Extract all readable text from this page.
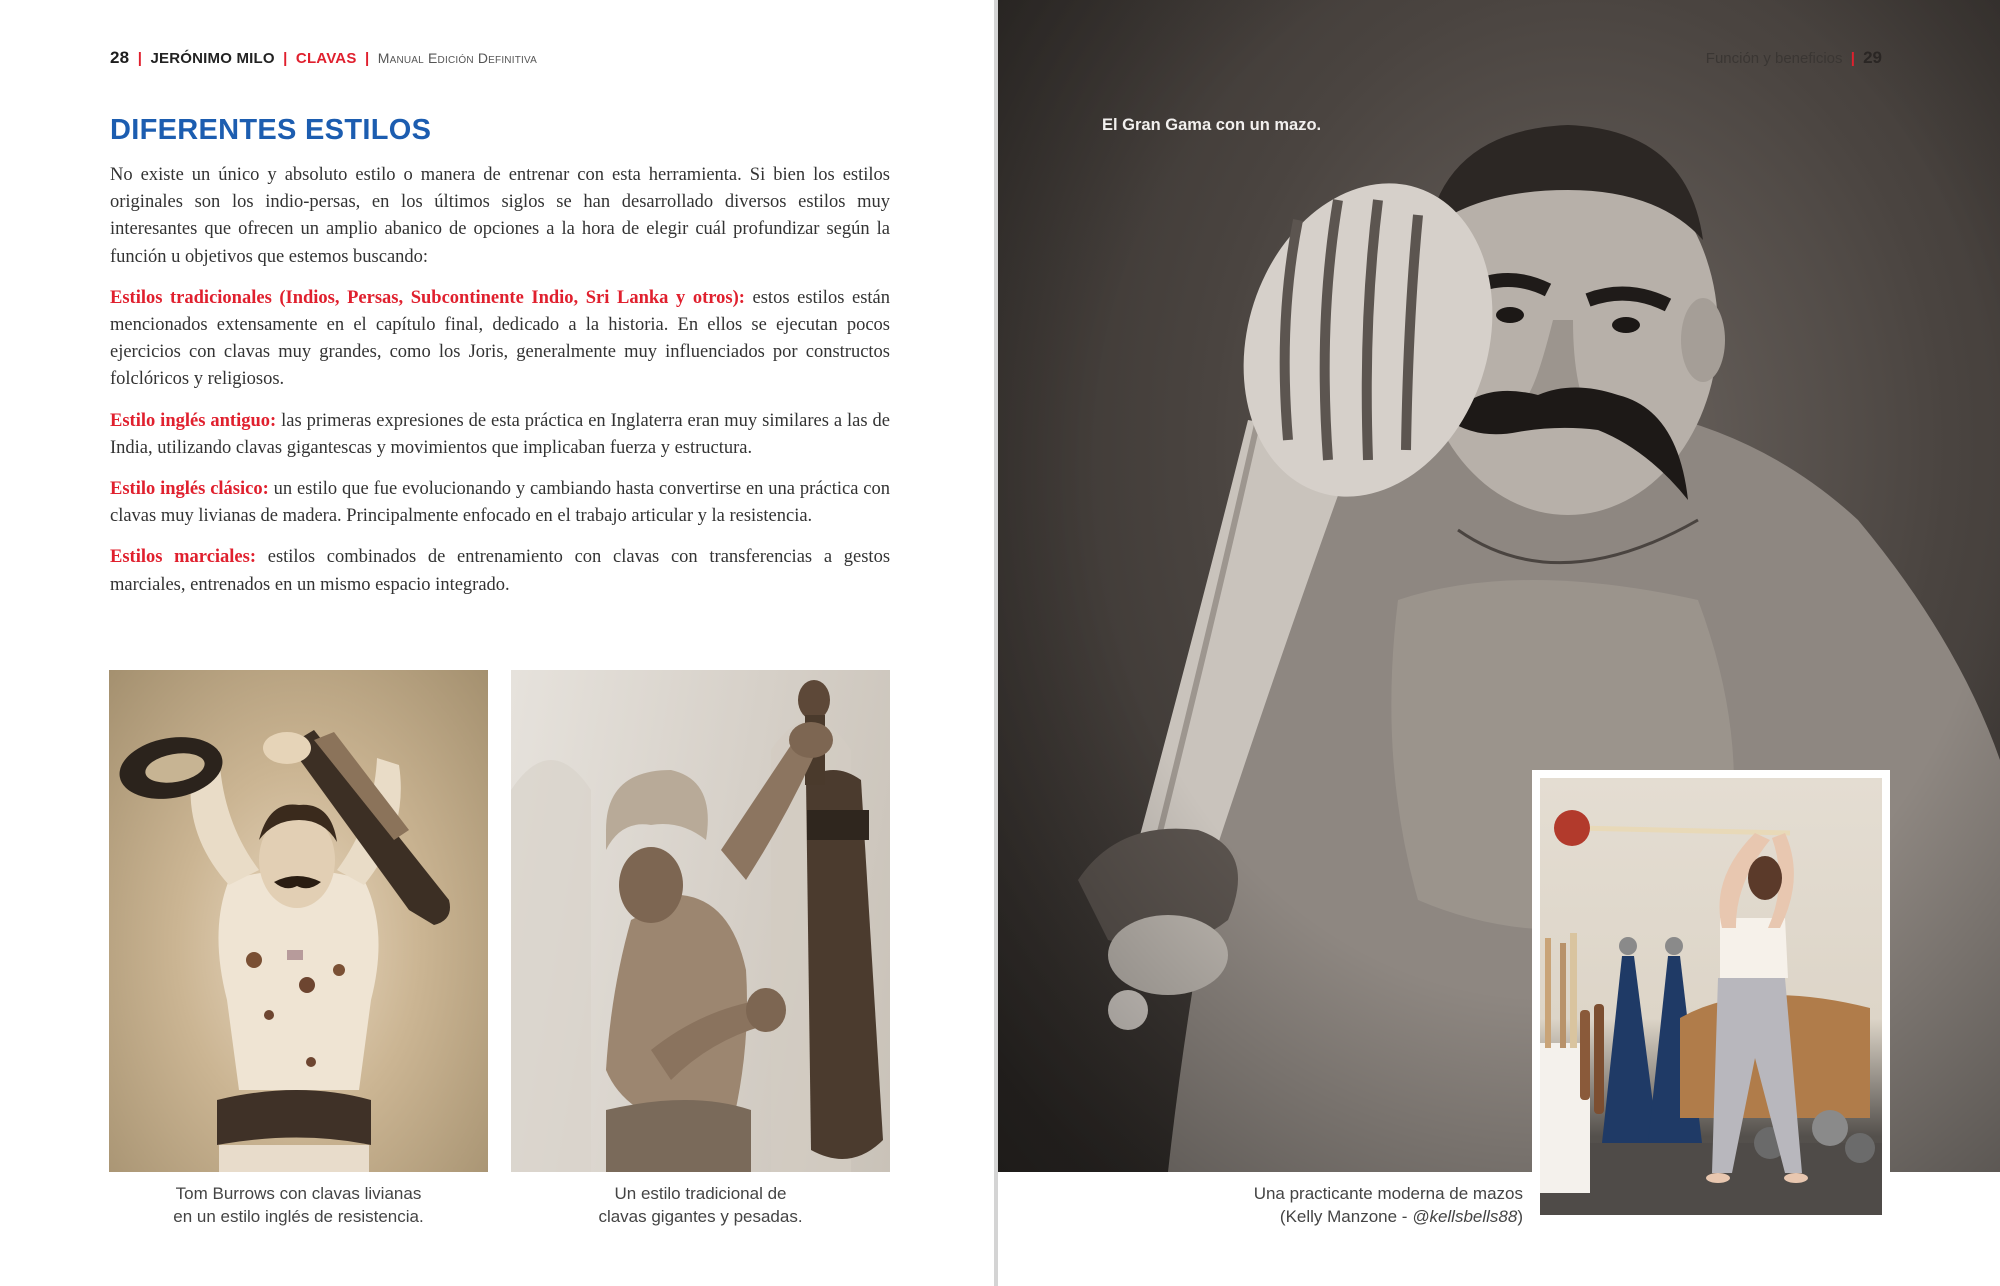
28 | JERÓNIMO MILO | CLAVAS | Manual Edición Definitiva
DIFERENTES ESTILOS

No existe un único y absoluto estilo o manera de entrenar con esta herramienta. Si bien los estilos originales son los indio-persas, en los últimos siglos se han desarrollado diversos estilos muy interesantes que ofrecen un amplio abanico de opciones a la hora de elegir cuál profundizar según la función u objetivos que estemos buscando:

Estilos tradicionales (Indios, Persas, Subcontinente Indio, Sri Lanka y otros): estos estilos están mencionados extensamente en el capítulo final, dedicado a la historia. En ellos se ejecutan pocos ejercicios con clavas muy grandes, como los Joris, generalmente muy influenciados por constructos folclóricos y religiosos.

Estilo inglés antiguo: las primeras expresiones de esta práctica en Inglaterra eran muy similares a las de India, utilizando clavas gigantescas y movimientos que implicaban fuerza y estructura.

Estilo inglés clásico: un estilo que fue evolucionando y cambiando hasta convertirse en una práctica con clavas muy livianas de madera. Principalmente enfocado en el trabajo articular y la resistencia.

Estilos marciales: estilos combinados de entrenamiento con clavas con transferencias a gestos marciales, entrenados en un mismo espacio integrado.

Tom Burrows con clavas livianas
en un estilo inglés de resistencia.
Un estilo tradicional de
clavas gigantes y pesadas.
Función y beneficios | 29
El Gran Gama con un mazo.
Una practicante moderna de mazos
(Kelly Manzone - @kellsbells88)
